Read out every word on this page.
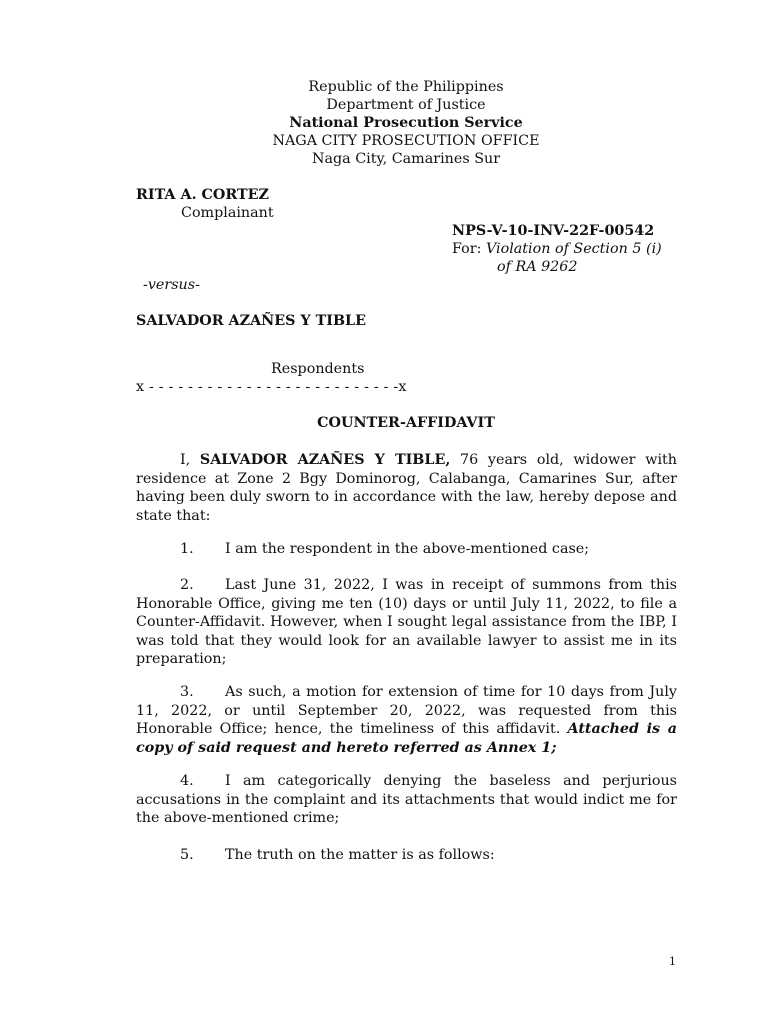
Republic of the Philippines
Department of Justice
National Prosecution Service
NAGA CITY PROSECUTION OFFICE
Naga City, Camarines Sur
RITA A. CORTEZ
Complainant
NPS-V-10-INV-22F-00542
For: Violation of Section 5 (i)
of RA 9262
-versus-
SALVADOR AZAÑES Y TIBLE
Respondents
x - - - - - - - - - - - - - - - - - - - - - - - - - -x
COUNTER-AFFIDAVIT
I, SALVADOR AZAÑES Y TIBLE, 76 years old, widower with residence at Zone 2 Bgy Dominorog, Calabanga, Camarines Sur, after having been duly sworn to in accordance with the law, hereby depose and state that:
1. I am the respondent in the above-mentioned case;
2. Last June 31, 2022, I was in receipt of summons from this Honorable Office, giving me ten (10) days or until July 11, 2022, to file a Counter-Affidavit. However, when I sought legal assistance from the IBP, I was told that they would look for an available lawyer to assist me in its preparation;
3. As such, a motion for extension of time for 10 days from July 11, 2022, or until September 20, 2022, was requested from this Honorable Office; hence, the timeliness of this affidavit. Attached is a copy of said request and hereto referred as Annex 1;
4. I am categorically denying the baseless and perjurious accusations in the complaint and its attachments that would indict me for the above-mentioned crime;
5. The truth on the matter is as follows:
1
